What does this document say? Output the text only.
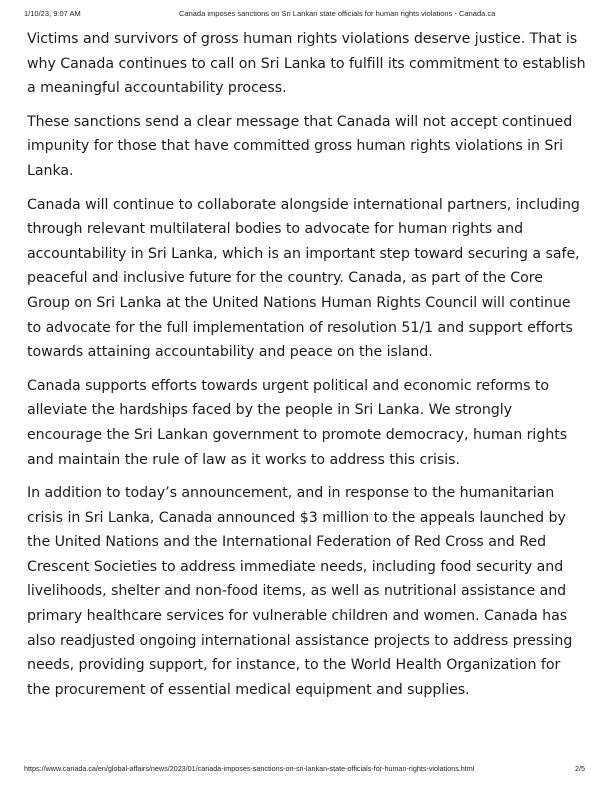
1/10/23, 9:07 AM	Canada imposes sanctions on Sri Lankan state officials for human rights violations - Canada.ca

Victims and survivors of gross human rights violations deserve justice. That is why Canada continues to call on Sri Lanka to fulfill its commitment to establish a meaningful accountability process.

These sanctions send a clear message that Canada will not accept continued impunity for those that have committed gross human rights violations in Sri Lanka.

Canada will continue to collaborate alongside international partners, including through relevant multilateral bodies to advocate for human rights and accountability in Sri Lanka, which is an important step toward securing a safe, peaceful and inclusive future for the country. Canada, as part of the Core Group on Sri Lanka at the United Nations Human Rights Council will continue to advocate for the full implementation of resolution 51/1 and support efforts towards attaining accountability and peace on the island.

Canada supports efforts towards urgent political and economic reforms to alleviate the hardships faced by the people in Sri Lanka. We strongly encourage the Sri Lankan government to promote democracy, human rights and maintain the rule of law as it works to address this crisis.

In addition to today’s announcement, and in response to the humanitarian crisis in Sri Lanka, Canada announced $3 million to the appeals launched by the United Nations and the International Federation of Red Cross and Red Crescent Societies to address immediate needs, including food security and livelihoods, shelter and non-food items, as well as nutritional assistance and primary healthcare services for vulnerable children and women. Canada has also readjusted ongoing international assistance projects to address pressing needs, providing support, for instance, to the World Health Organization for the procurement of essential medical equipment and supplies.

https://www.canada.ca/en/global-affairs/news/2023/01/canada-imposes-sanctions-on-sri-lankan-state-officials-for-human-rights-violations.html	2/5
